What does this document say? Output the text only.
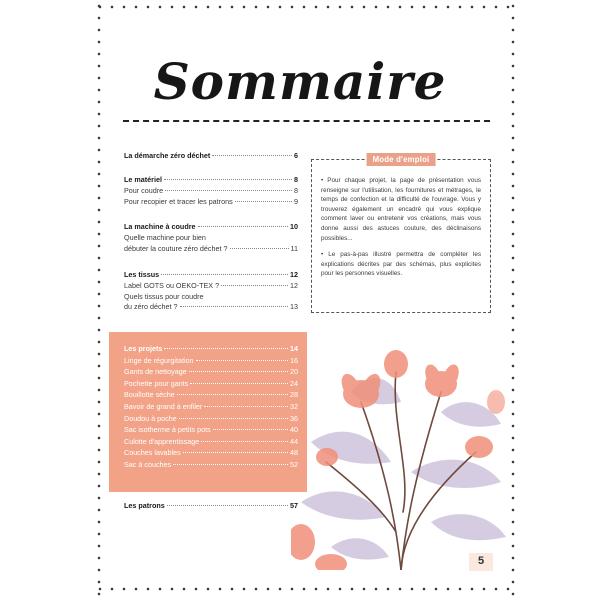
Sommaire
La démarche zéro déchet	6
Le matériel	8
Pour coudre	8
Pour recopier et tracer les patrons	9
La machine à coudre	10
Quelle machine pour bien
débuter la couture zéro déchet ?	11
Les tissus	12
Label GOTS ou OEKO-TEX ?	12
Quels tissus pour coudre
du zéro déchet ?	13
Les projets	14
Linge de régurgitation	16
Gants de nettoyage	20
Pochette pour gants	24
Bouillotte sèche	28
Bavoir de grand à enfiler	32
Doudou à poche	36
Sac isotherme à petits pots	40
Culotte d'apprentissage	44
Couches lavables	48
Sac à couches	52
Les patrons	57
Mode d'emploi

• Pour chaque projet, la page de présentation vous renseigne sur l'utilisation, les fournitures et métrages, le temps de confection et la difficulté de l'ouvrage. Vous y trouverez également un encadré qui vous explique comment laver ou entretenir vos créations, mais vous donne aussi des astuces couture, des déclinaisons possibles...

• Le pas-à-pas illustré permettra de compléter les explications décrites par des schémas, plus explicites pour les personnes visuelles.

5
